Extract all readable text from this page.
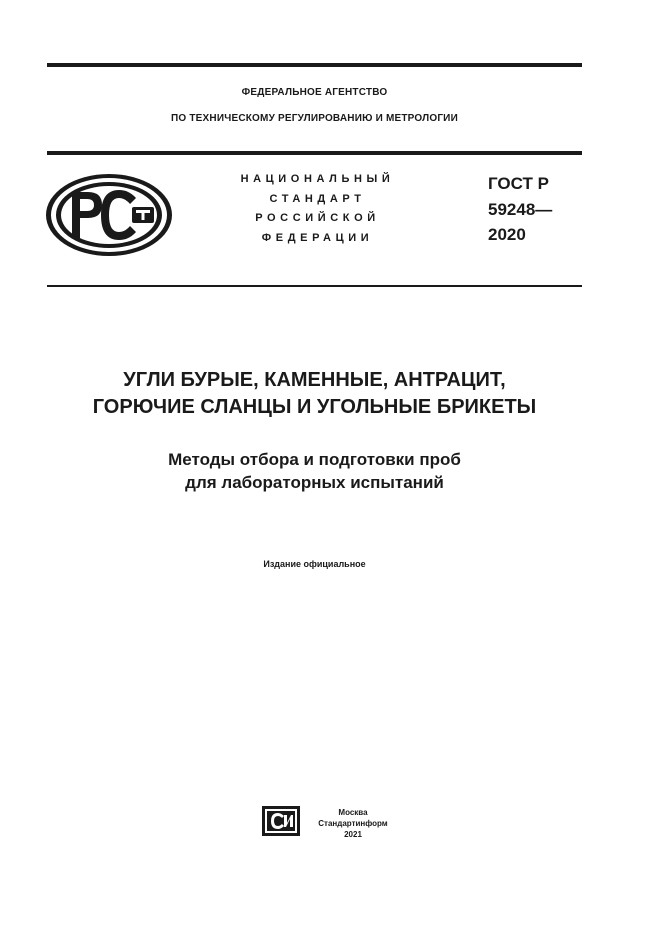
ФЕДЕРАЛЬНОЕ АГЕНТСТВО
ПО ТЕХНИЧЕСКОМУ РЕГУЛИРОВАНИЮ И МЕТРОЛОГИИ
НАЦИОНАЛЬНЫЙ
СТАНДАРТ
РОССИЙСКОЙ
ФЕДЕРАЦИИ
ГОСТ Р
59248—
2020
УГЛИ БУРЫЕ, КАМЕННЫЕ, АНТРАЦИТ,
ГОРЮЧИЕ СЛАНЦЫ И УГОЛЬНЫЕ БРИКЕТЫ
Методы отбора и подготовки проб
для лабораторных испытаний
Издание официальное
Москва
Стандартинформ
2021
